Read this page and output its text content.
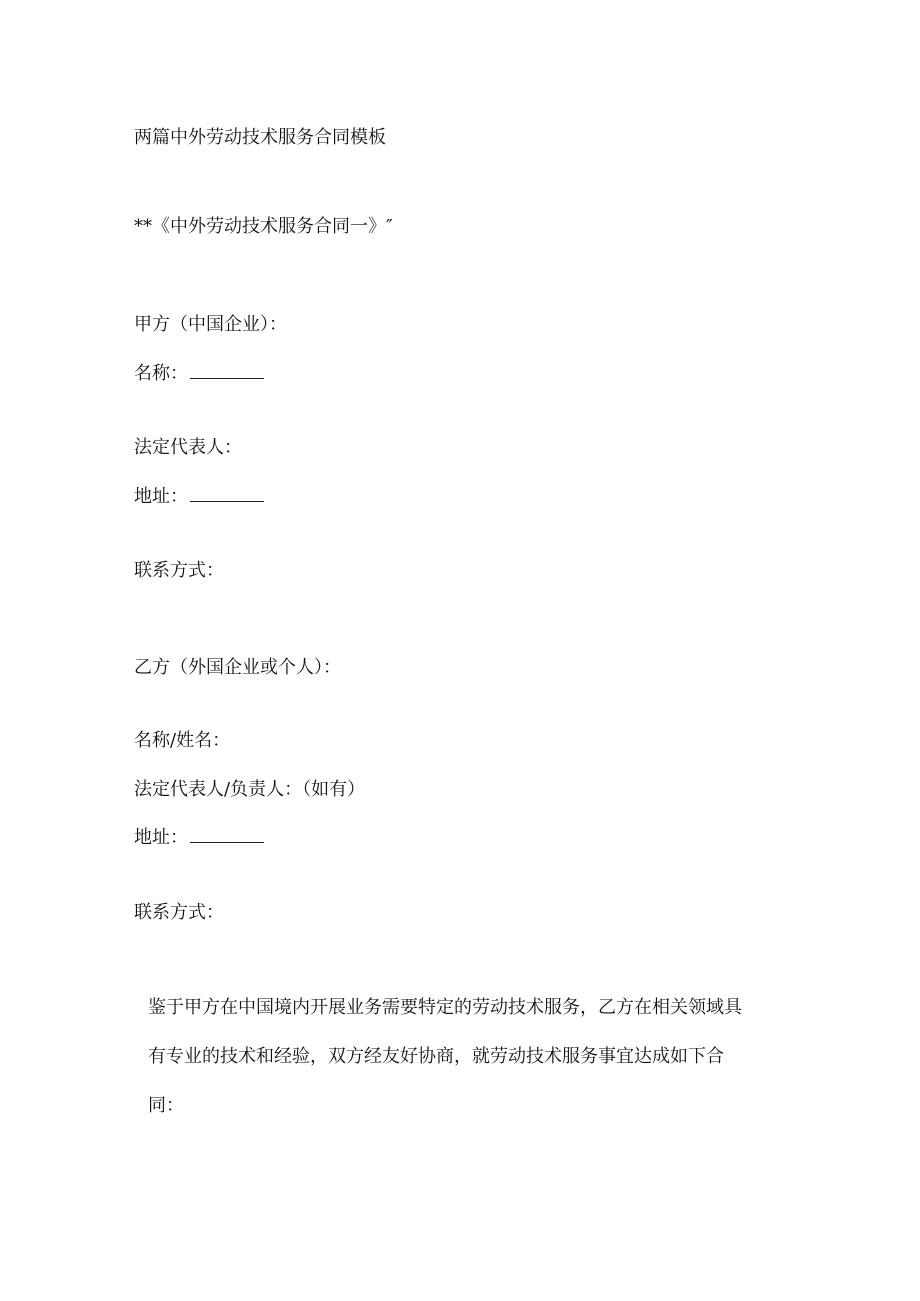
两篇中外劳动技术服务合同模板
**《中外劳动技术服务合同一》″
甲方（中国企业）：
名称：
法定代表人：
地址：
联系方式：
乙方（外国企业或个人）：
名称/姓名：
法定代表人/负责人：（如有）
地址：
联系方式：
鉴于甲方在中国境内开展业务需要特定的劳动技术服务，乙方在相关领域具
有专业的技术和经验，双方经友好协商，就劳动技术服务事宜达成如下合
同：
